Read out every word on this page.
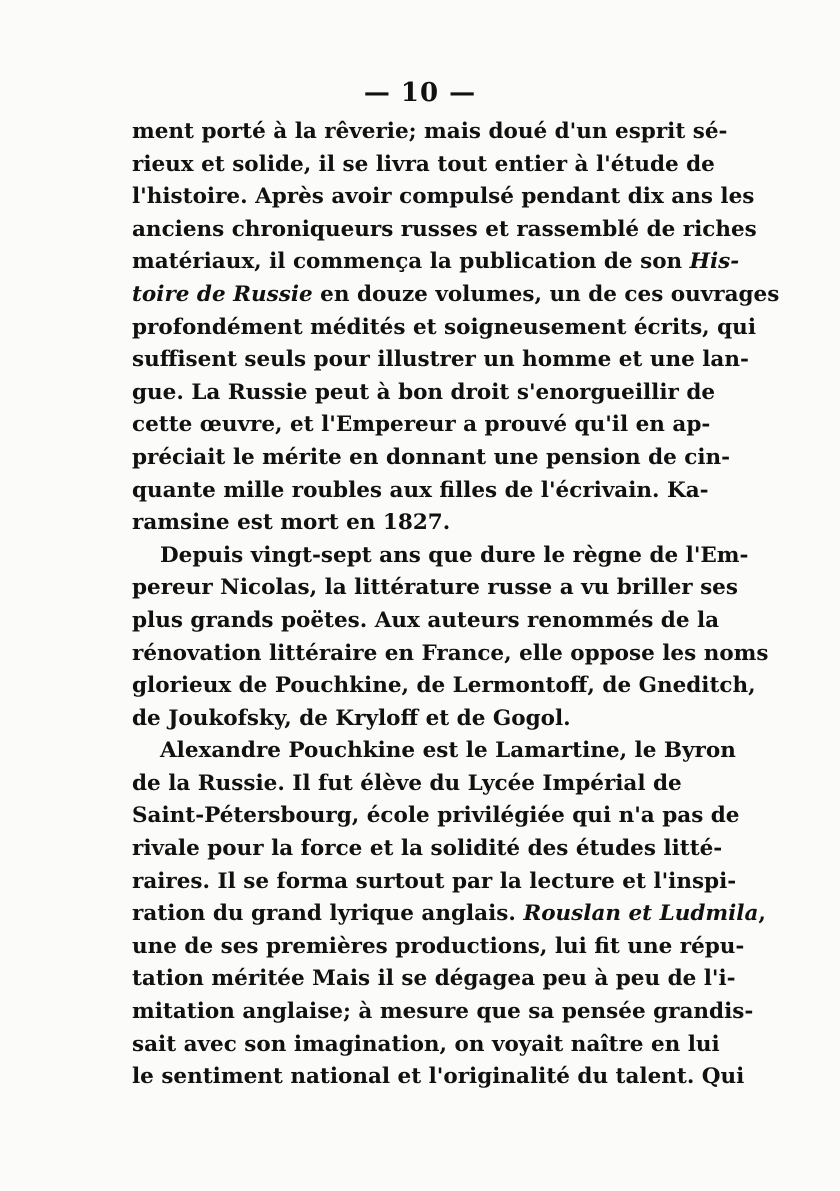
— 10 —
ment porté à la rêverie; mais doué d'un esprit sé-
rieux et solide, il se livra tout entier à l'étude de
l'histoire. Après avoir compulsé pendant dix ans les
anciens chroniqueurs russes et rassemblé de riches
matériaux, il commença la publication de son His-
toire de Russie en douze volumes, un de ces ouvrages
profondément médités et soigneusement écrits, qui
suffisent seuls pour illustrer un homme et une lan-
gue. La Russie peut à bon droit s'enorgueillir de
cette œuvre, et l'Empereur a prouvé qu'il en ap-
préciait le mérite en donnant une pension de cin-
quante mille roubles aux filles de l'écrivain. Ka-
ramsine est mort en 1827.
Depuis vingt-sept ans que dure le règne de l'Em-
pereur Nicolas, la littérature russe a vu briller ses
plus grands poëtes. Aux auteurs renommés de la
rénovation littéraire en France, elle oppose les noms
glorieux de Pouchkine, de Lermontoff, de Gneditch,
de Joukofsky, de Kryloff et de Gogol.
Alexandre Pouchkine est le Lamartine, le Byron
de la Russie. Il fut élève du Lycée Impérial de
Saint-Pétersbourg, école privilégiée qui n'a pas de
rivale pour la force et la solidité des études litté-
raires. Il se forma surtout par la lecture et l'inspi-
ration du grand lyrique anglais. Rouslan et Ludmila,
une de ses premières productions, lui fit une répu-
tation méritée Mais il se dégagea peu à peu de l'i-
mitation anglaise; à mesure que sa pensée grandis-
sait avec son imagination, on voyait naître en lui
le sentiment national et l'originalité du talent. Qui
